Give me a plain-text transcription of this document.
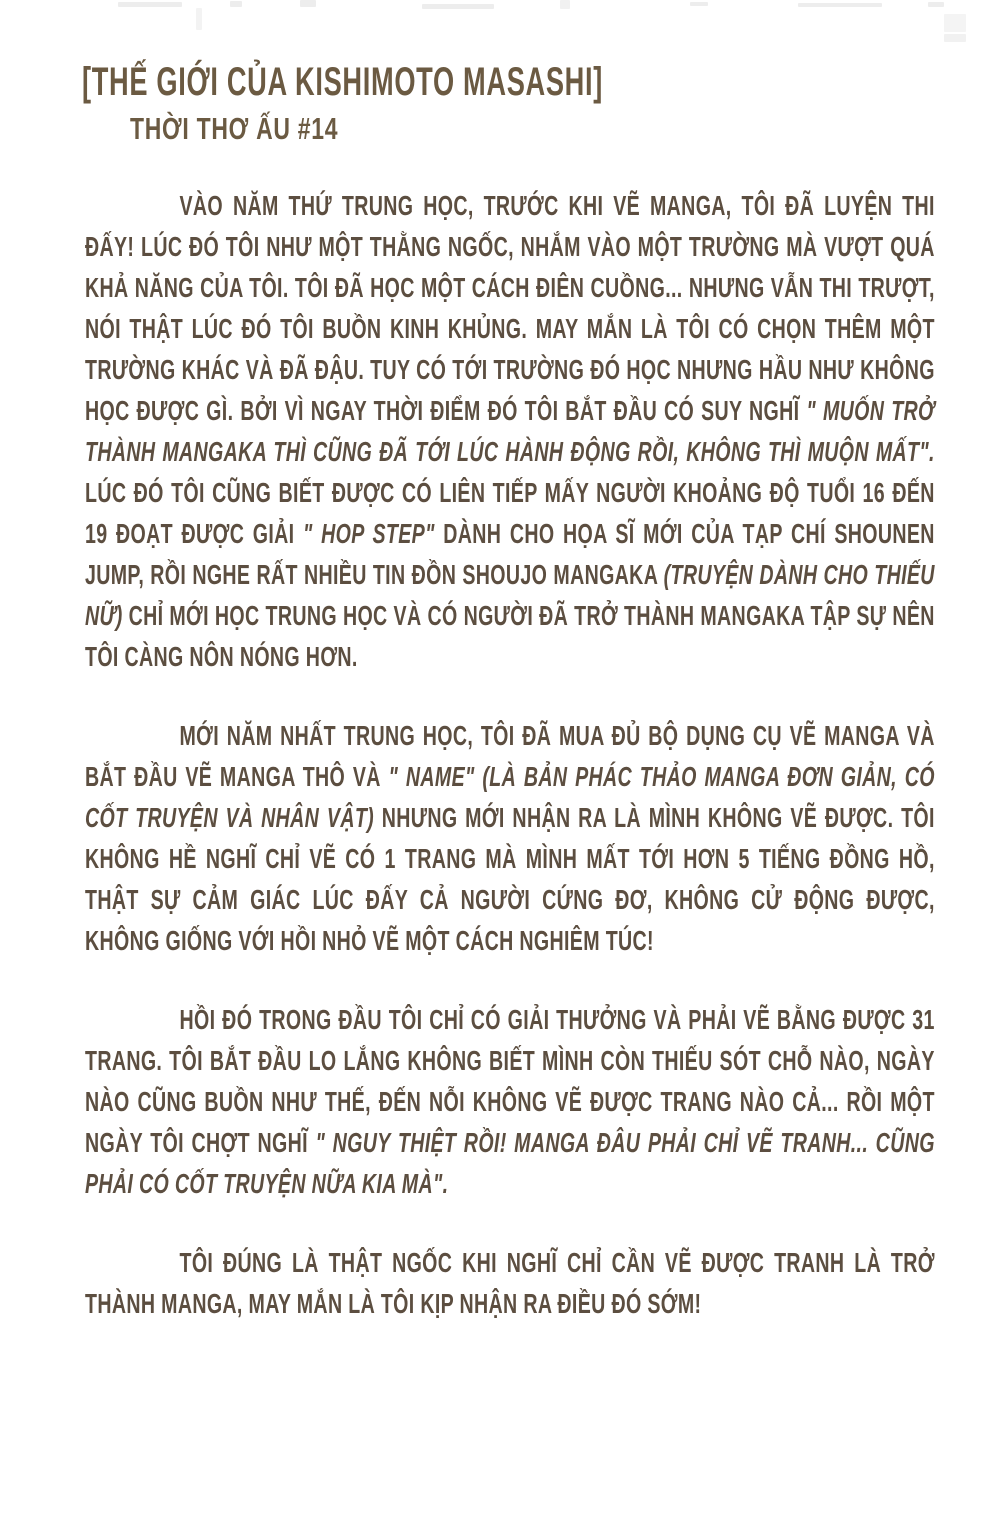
[THẾ GIỚI CỦA KISHIMOTO MASASHI]
THỜI THƠ ẤU #14

VÀO NĂM THỨ TRUNG HỌC, TRƯỚC KHI VẼ MANGA, TÔI ĐÃ LUYỆN THI ĐẤY! LÚC ĐÓ TÔI NHƯ MỘT THẰNG NGỐC, NHẮM VÀO MỘT TRƯỜNG MÀ VƯỢT QUÁ KHẢ NĂNG CỦA TÔI. TÔI ĐÃ HỌC MỘT CÁCH ĐIÊN CUỒNG... NHƯNG VẪN THI TRƯỢT, NÓI THẬT LÚC ĐÓ TÔI BUỒN KINH KHỦNG. MAY MẮN LÀ TÔI CÓ CHỌN THÊM MỘT TRƯỜNG KHÁC VÀ ĐÃ ĐẬU. TUY CÓ TỚI TRƯỜNG ĐÓ HỌC NHƯNG HẦU NHƯ KHÔNG HỌC ĐƯỢC GÌ. BỞI VÌ NGAY THỜI ĐIỂM ĐÓ TÔI BẮT ĐẦU CÓ SUY NGHĨ " MUỐN TRỞ THÀNH MANGAKA THÌ CŨNG ĐÃ TỚI LÚC HÀNH ĐỘNG RỒI, KHÔNG THÌ MUỘN MẤT". LÚC ĐÓ TÔI CŨNG BIẾT ĐƯỢC CÓ LIÊN TIẾP MẤY NGƯỜI KHOẢNG ĐỘ TUỔI 16 ĐẾN 19 ĐOẠT ĐƯỢC GIẢI " HOP STEP" DÀNH CHO HỌA SĨ MỚI CỦA TẠP CHÍ SHOUNEN JUMP, RỒI NGHE RẤT NHIỀU TIN ĐỒN SHOUJO MANGAKA (TRUYỆN DÀNH CHO THIẾU NỮ) CHỈ MỚI HỌC TRUNG HỌC VÀ CÓ NGƯỜI ĐÃ TRỞ THÀNH MANGAKA TẬP SỰ NÊN TÔI CÀNG NÔN NÓNG HƠN.

MỚI NĂM NHẤT TRUNG HỌC, TÔI ĐÃ MUA ĐỦ BỘ DỤNG CỤ VẼ MANGA VÀ BẮT ĐẦU VẼ MANGA THÔ VÀ " NAME" (LÀ BẢN PHÁC THẢO MANGA ĐƠN GIẢN, CÓ CỐT TRUYỆN VÀ NHÂN VẬT) NHƯNG MỚI NHẬN RA LÀ MÌNH KHÔNG VẼ ĐƯỢC. TÔI KHÔNG HỀ NGHĨ CHỈ VẼ CÓ 1 TRANG MÀ MÌNH MẤT TỚI HƠN 5 TIẾNG ĐỒNG HỒ, THẬT SỰ CẢM GIÁC LÚC ĐẤY CẢ NGƯỜI CỨNG ĐƠ, KHÔNG CỬ ĐỘNG ĐƯỢC, KHÔNG GIỐNG VỚI HỒI NHỎ VẼ MỘT CÁCH NGHIÊM TÚC!

HỒI ĐÓ TRONG ĐẦU TÔI CHỈ CÓ GIẢI THƯỞNG VÀ PHẢI VẼ BẰNG ĐƯỢC 31 TRANG. TÔI BẮT ĐẦU LO LẮNG KHÔNG BIẾT MÌNH CÒN THIẾU SÓT CHỖ NÀO, NGÀY NÀO CŨNG BUỒN NHƯ THẾ, ĐẾN NỖI KHÔNG VẼ ĐƯỢC TRANG NÀO CẢ... RỒI MỘT NGÀY TÔI CHỢT NGHĨ " NGUY THIỆT RỒI! MANGA ĐÂU PHẢI CHỈ VẼ TRANH... CŨNG PHẢI CÓ CỐT TRUYỆN NỮA KIA MÀ".

TÔI ĐÚNG LÀ THẬT NGỐC KHI NGHĨ CHỈ CẦN VẼ ĐƯỢC TRANH LÀ TRỞ THÀNH MANGA, MAY MẮN LÀ TÔI KỊP NHẬN RA ĐIỀU ĐÓ SỚM!
